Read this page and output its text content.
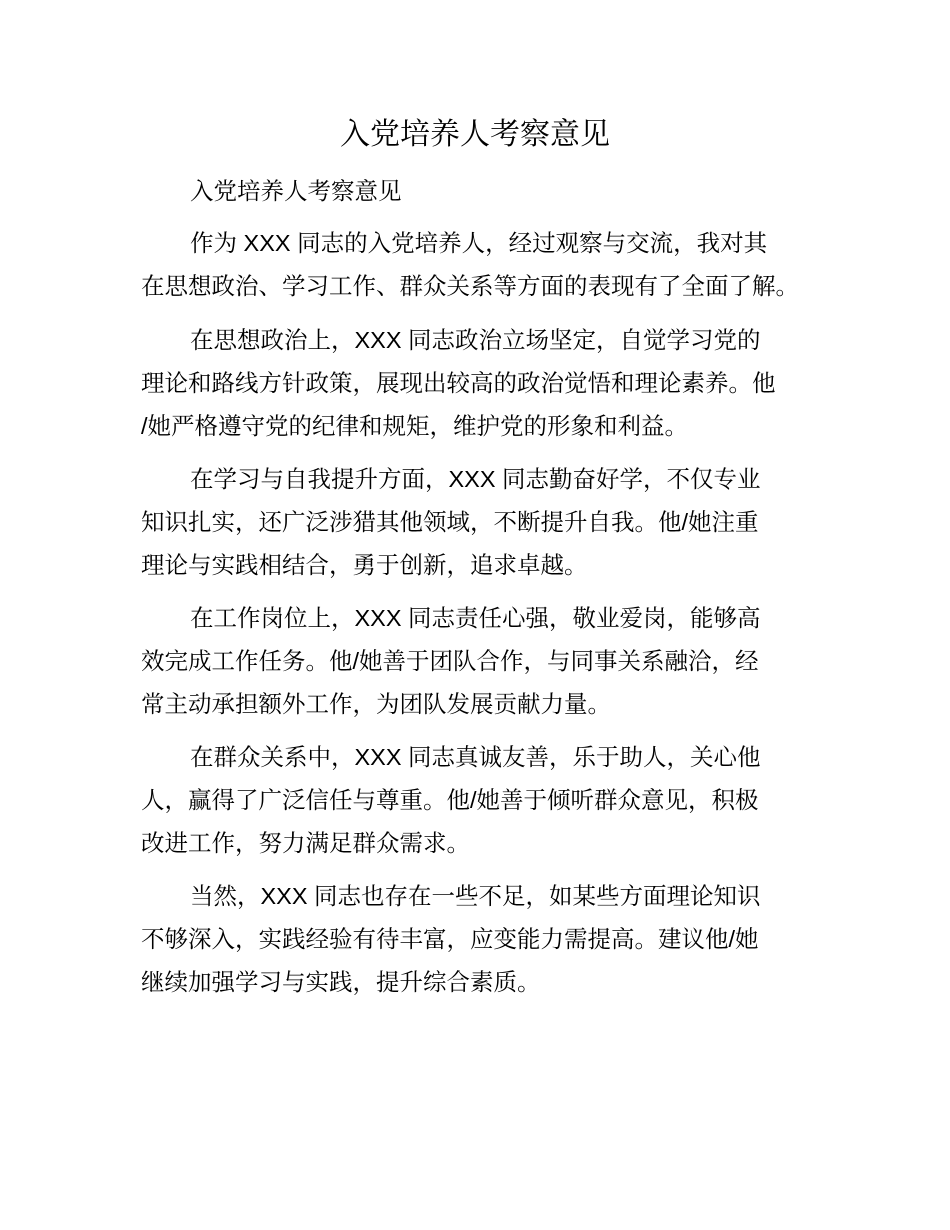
入党培养人考察意见
入党培养人考察意见
作为 XXX 同志的入党培养人，经过观察与交流，我对其
在思想政治、学习工作、群众关系等方面的表现有了全面了解。
在思想政治上，XXX 同志政治立场坚定，自觉学习党的
理论和路线方针政策，展现出较高的政治觉悟和理论素养。他
/她严格遵守党的纪律和规矩，维护党的形象和利益。
在学习与自我提升方面，XXX 同志勤奋好学，不仅专业
知识扎实，还广泛涉猎其他领域，不断提升自我。他/她注重
理论与实践相结合，勇于创新，追求卓越。
在工作岗位上，XXX 同志责任心强，敬业爱岗，能够高
效完成工作任务。他/她善于团队合作，与同事关系融洽，经
常主动承担额外工作，为团队发展贡献力量。
在群众关系中，XXX 同志真诚友善，乐于助人，关心他
人，赢得了广泛信任与尊重。他/她善于倾听群众意见，积极
改进工作，努力满足群众需求。
当然，XXX 同志也存在一些不足，如某些方面理论知识
不够深入，实践经验有待丰富，应变能力需提高。建议他/她
继续加强学习与实践，提升综合素质。
